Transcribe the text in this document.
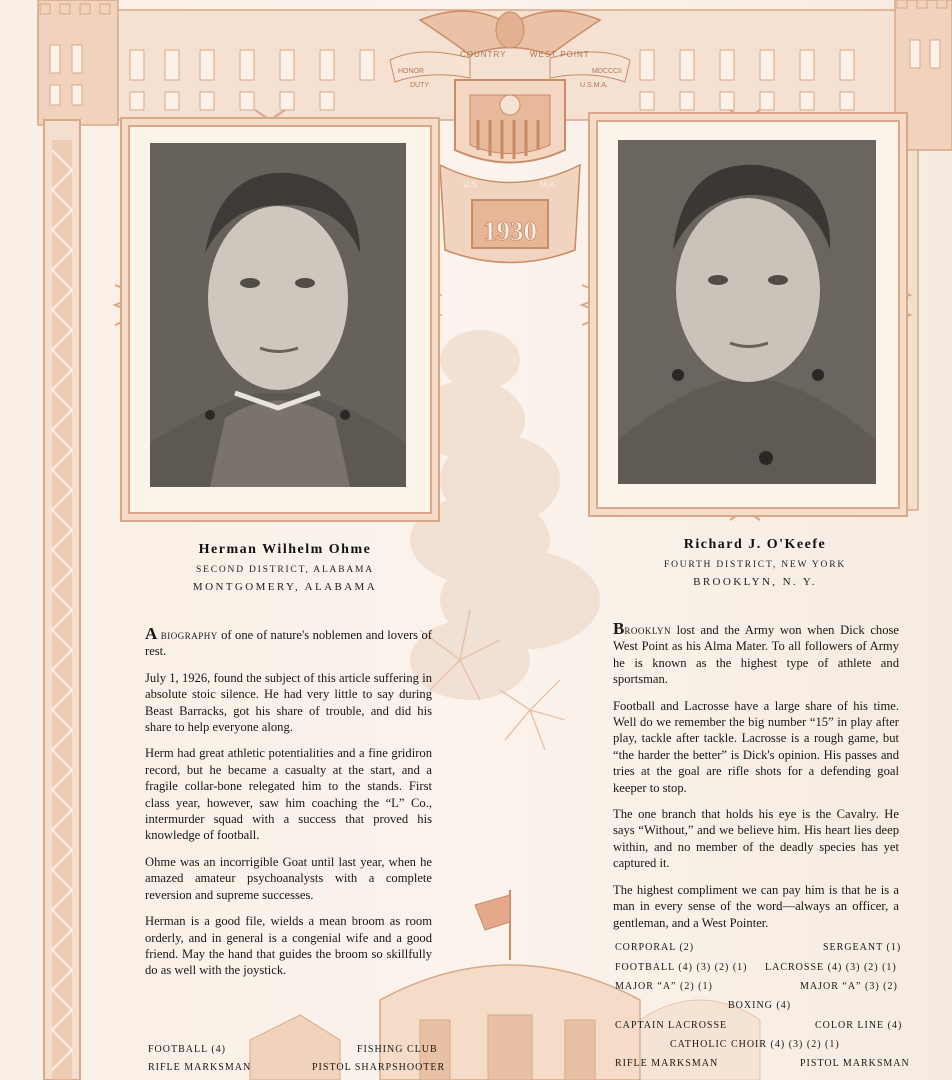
COUNTRY	WEST POINT
HONOR
DUTY
MDCCCII
U.S.M.A.
U.S.	M.A.
1930
Herman Wilhelm Ohme
SECOND DISTRICT, ALABAMA
MONTGOMERY, ALABAMA
Richard J. O'Keefe
FOURTH DISTRICT, NEW YORK
BROOKLYN, N. Y.

A biography of one of nature's noblemen and lovers of rest.

July 1, 1926, found the subject of this article suffering in absolute stoic silence. He had very little to say during Beast Barracks, got his share of trouble, and did his share to help everyone along.

Herm had great athletic potentialities and a fine gridiron record, but he became a casualty at the start, and a fragile collar-bone relegated him to the stands. First class year, however, saw him coaching the “L” Co., intermurder squad with a success that proved his knowledge of football.

Ohme was an incorrigible Goat until last year, when he amazed amateur psychoanalysts with a complete reversion and supreme successes.

Herman is a good file, wields a mean broom as room orderly, and in general is a congenial wife and a good friend. May the hand that guides the broom so skillfully do as well with the joystick.

Brooklyn lost and the Army won when Dick chose West Point as his Alma Mater. To all followers of Army he is known as the highest type of athlete and sportsman.

Football and Lacrosse have a large share of his time. Well do we remember the big number “15” in play after play, tackle after tackle. Lacrosse is a rough game, but “the harder the better” is Dick's opinion. His passes and tries at the goal are rifle shots for a defending goal keeper to stop.

The one branch that holds his eye is the Cavalry. He says “Without,” and we believe him. His heart lies deep within, and no member of the deadly species has yet captured it.

The highest compliment we can pay him is that he is a man in every sense of the word—always an officer, a gentleman, and a West Pointer.

FOOTBALL (4)	FISHING CLUB
RIFLE MARKSMAN	PISTOL SHARPSHOOTER
CORPORAL (2)	SERGEANT (1)
FOOTBALL (4) (3) (2) (1) LACROSSE (4) (3) (2) (1)
MAJOR “A” (2) (1)	MAJOR “A” (3) (2)
BOXING (4)
CAPTAIN LACROSSE	COLOR LINE (4)
CATHOLIC CHOIR (4) (3) (2) (1)
RIFLE MARKSMAN	PISTOL MARKSMAN
